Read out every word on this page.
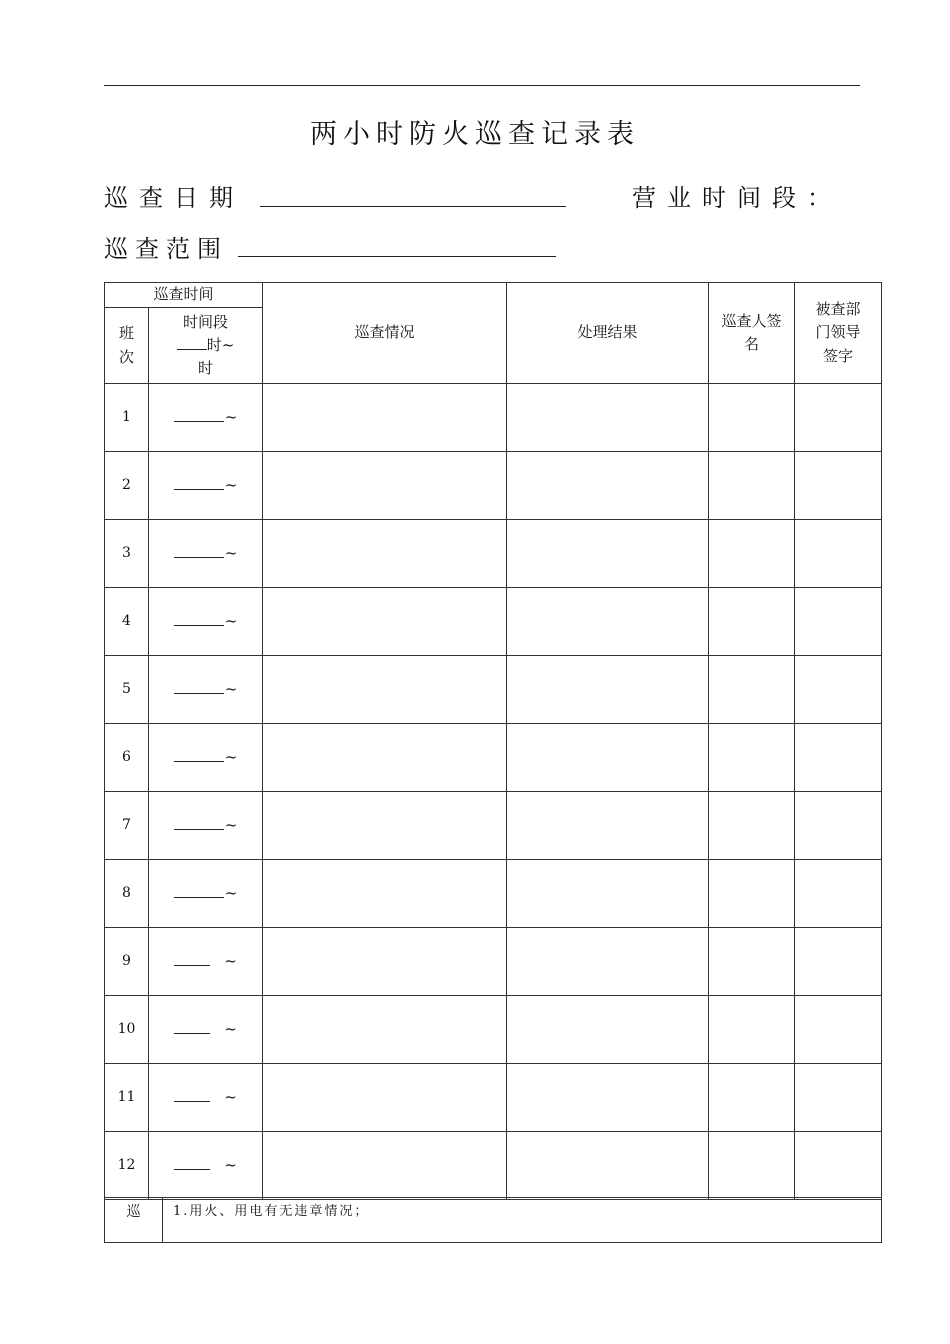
两小时防火巡查记录表
巡查日期	营业时间段：
巡查范围
巡查时间		巡查情况	处理结果	巡查人签名	被查部门领导签字
班次	时间段
时~
时				

1	~				
2	~				
3	~				
4	~				
5	~				
6	~				
7	~				
8	~				
9	~				
10	~				
11	~				
12	~				
巡	1.用火、用电有无违章情况；
